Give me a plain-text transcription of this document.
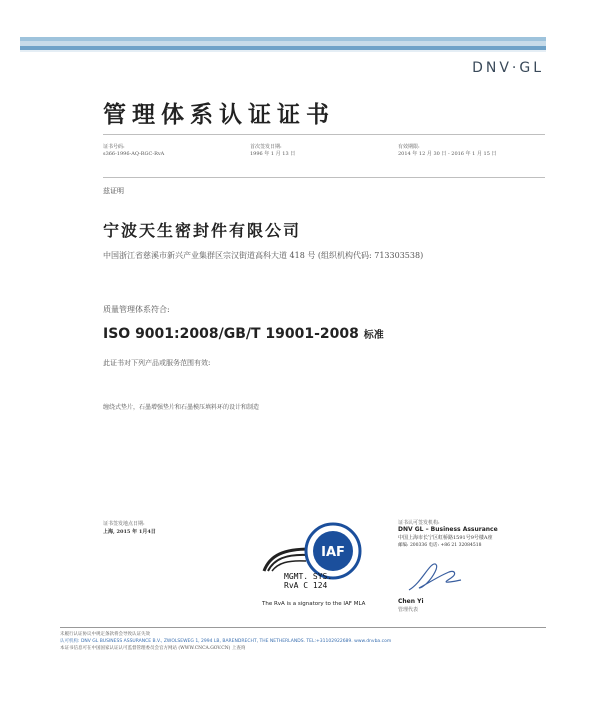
DNV·GL
管理体系认证证书
证书号码:
s366-1996-AQ-RGC-RvA
首次签发日期:
1996 年 1 月 13 日
有效期限:
2014 年 12 月 30 日 - 2016 年 1 月 15 日
兹证明
宁波天生密封件有限公司
中国浙江省慈溪市新兴产业集群区宗汉街道高科大道 418 号 (组织机构代码: 713303538)
质量管理体系符合:
ISO 9001:2008/GB/T 19001-2008 标准
此证书对下列产品或服务范围有效:
缠绕式垫片，石墨增强垫片和石墨模压填料环的设计和制造
证书签发地点日期:
上海, 2015 年 1月4日
证书认可签发机构:
DNV GL – Business Assurance
中国上海市长宁区虹桥路1591号9号楼A座
邮编: 200336 电话: +86 21 32084518
Chen Yi
管理代表
IAF
MGMT. SYS.
RvA C 124
The RvA is a signatory to the IAF MLA
未履行认证协议中规定条款将会导致认证失效
认可机构: DNV GL BUSINESS ASSURANCE B.V., ZWOLSEWEG 1, 2994 LB, BARENDRECHT, THE NETHERLANDS. TEL:+31102922689. www.dnvba.com
本证书信息可在中国国家认证认可监督管理委员会官方网站 (WWW.CNCA.GOV.CN) 上查询
